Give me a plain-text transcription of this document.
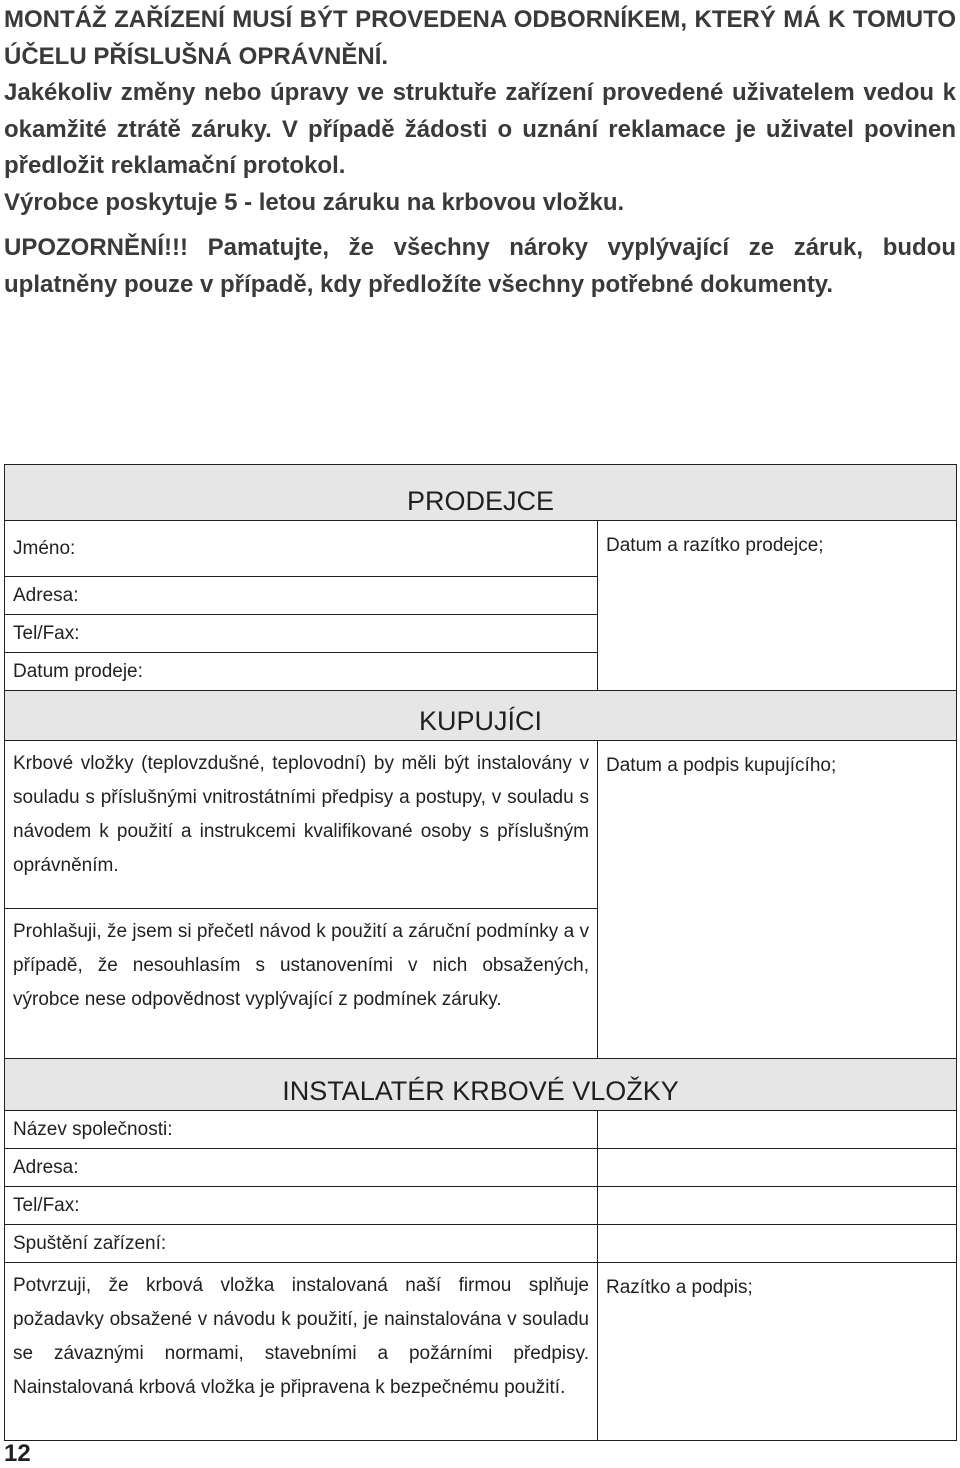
MONTÁŽ ZAŘÍZENÍ MUSÍ BÝT PROVEDENA ODBORNÍKEM, KTERÝ MÁ K TOMUTO ÚČELU PŘÍSLUŠNÁ OPRÁVNĚNÍ.

Jakékoliv změny nebo úpravy ve struktuře zařízení provedené uživatelem vedou k okamžité ztrátě záruky. V případě žádosti o uznání reklamace je uživatel povinen předložit reklamační protokol.

Výrobce poskytuje 5 - letou záruku na krbovou vložku.

UPOZORNĚNÍ!!! Pamatujte, že všechny nároky vyplývající ze záruk, budou uplatněny pouze v případě, kdy předložíte všechny potřebné dokumenty.

PRODEJCE	
Jméno:	Datum a razítko prodejce;
Adresa:	
Tel/Fax:	
Datum prodeje:	
KUPUJÍCI	
Krbové vložky (teplovzdušné, teplovodní) by měli být instalovány v souladu s příslušnými vnitrostátními předpisy a postupy, v souladu s návodem k použití a instrukcemi kvalifikované osoby s příslušným oprávněním.	Datum a podpis kupujícího;
Prohlašuji, že jsem si přečetl návod k použití a záruční podmínky a v případě, že nesouhlasím s ustanoveními v nich obsažených, výrobce nese odpovědnost vyplývající z podmínek záruky.	
INSTALATÉR KRBOVÉ VLOŽKY	
Název společnosti:	
Adresa:	
Tel/Fax:	
Spuštění zařízení:	
Potvrzuji, že krbová vložka instalovaná naší firmou splňuje požadavky obsažené v návodu k použití, je nainstalována v souladu se závaznými normami, stavebními a požárními předpisy. Nainstalovaná krbová vložka je připravena k bezpečnému použití.	Razítko a podpis;
12
